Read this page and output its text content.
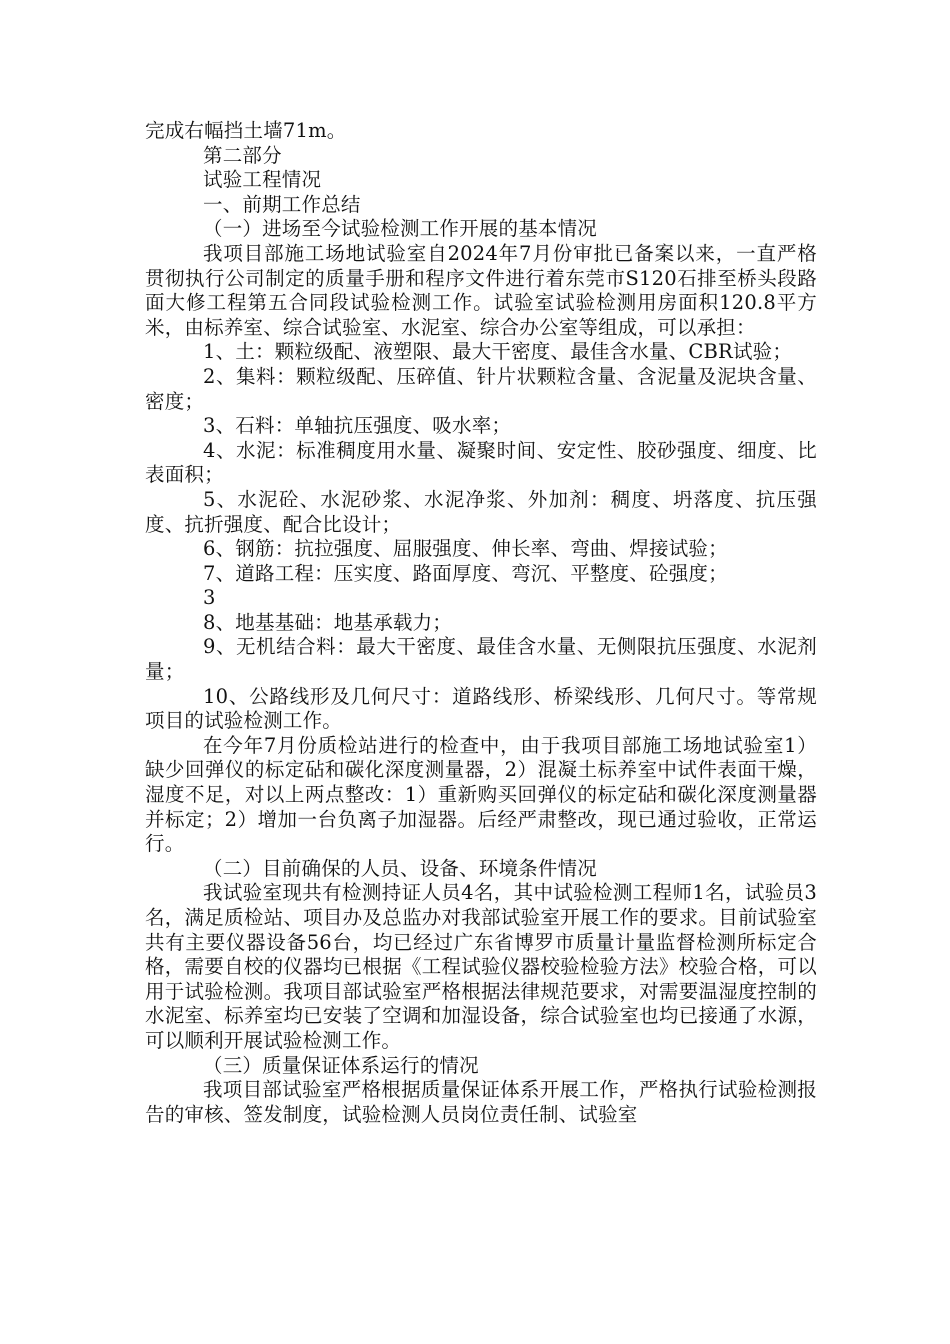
完成右幅挡土墙71m。

第二部分

试验工程情况

一、前期工作总结

（一）进场至今试验检测工作开展的基本情况

我项目部施工场地试验室自2024年7月份审批已备案以来，一直严格贯彻执行公司制定的质量手册和程序文件进行着东莞市S120石排至桥头段路面大修工程第五合同段试验检测工作。试验室试验检测用房面积120.8平方米，由标养室、综合试验室、水泥室、综合办公室等组成，可以承担：

1、土：颗粒级配、液塑限、最大干密度、最佳含水量、CBR试验；

2、集料：颗粒级配、压碎值、针片状颗粒含量、含泥量及泥块含量、密度；

3、石料：单轴抗压强度、吸水率；

4、水泥：标准稠度用水量、凝聚时间、安定性、胶砂强度、细度、比表面积；

5、水泥砼、水泥砂浆、水泥净浆、外加剂：稠度、坍落度、抗压强度、抗折强度、配合比设计；

6、钢筋：抗拉强度、屈服强度、伸长率、弯曲、焊接试验；

7、道路工程：压实度、路面厚度、弯沉、平整度、砼强度；

3

8、地基基础：地基承载力；

9、无机结合料：最大干密度、最佳含水量、无侧限抗压强度、水泥剂量；

10、公路线形及几何尺寸：道路线形、桥梁线形、几何尺寸。等常规项目的试验检测工作。

在今年7月份质检站进行的检查中，由于我项目部施工场地试验室1）缺少回弹仪的标定砧和碳化深度测量器，2）混凝土标养室中试件表面干燥，湿度不足，对以上两点整改：1）重新购买回弹仪的标定砧和碳化深度测量器并标定；2）增加一台负离子加湿器。后经严肃整改，现已通过验收，正常运行。

（二）目前确保的人员、设备、环境条件情况

我试验室现共有检测持证人员4名，其中试验检测工程师1名，试验员3名，满足质检站、项目办及总监办对我部试验室开展工作的要求。目前试验室共有主要仪器设备56台，均已经过广东省博罗市质量计量监督检测所标定合格，需要自校的仪器均已根据《工程试验仪器校验检验方法》校验合格，可以用于试验检测。我项目部试验室严格根据法律规范要求，对需要温湿度控制的水泥室、标养室均已安装了空调和加湿设备，综合试验室也均已接通了水源，可以顺利开展试验检测工作。

（三）质量保证体系运行的情况

我项目部试验室严格根据质量保证体系开展工作，严格执行试验检测报告的审核、签发制度，试验检测人员岗位责任制、试验室
